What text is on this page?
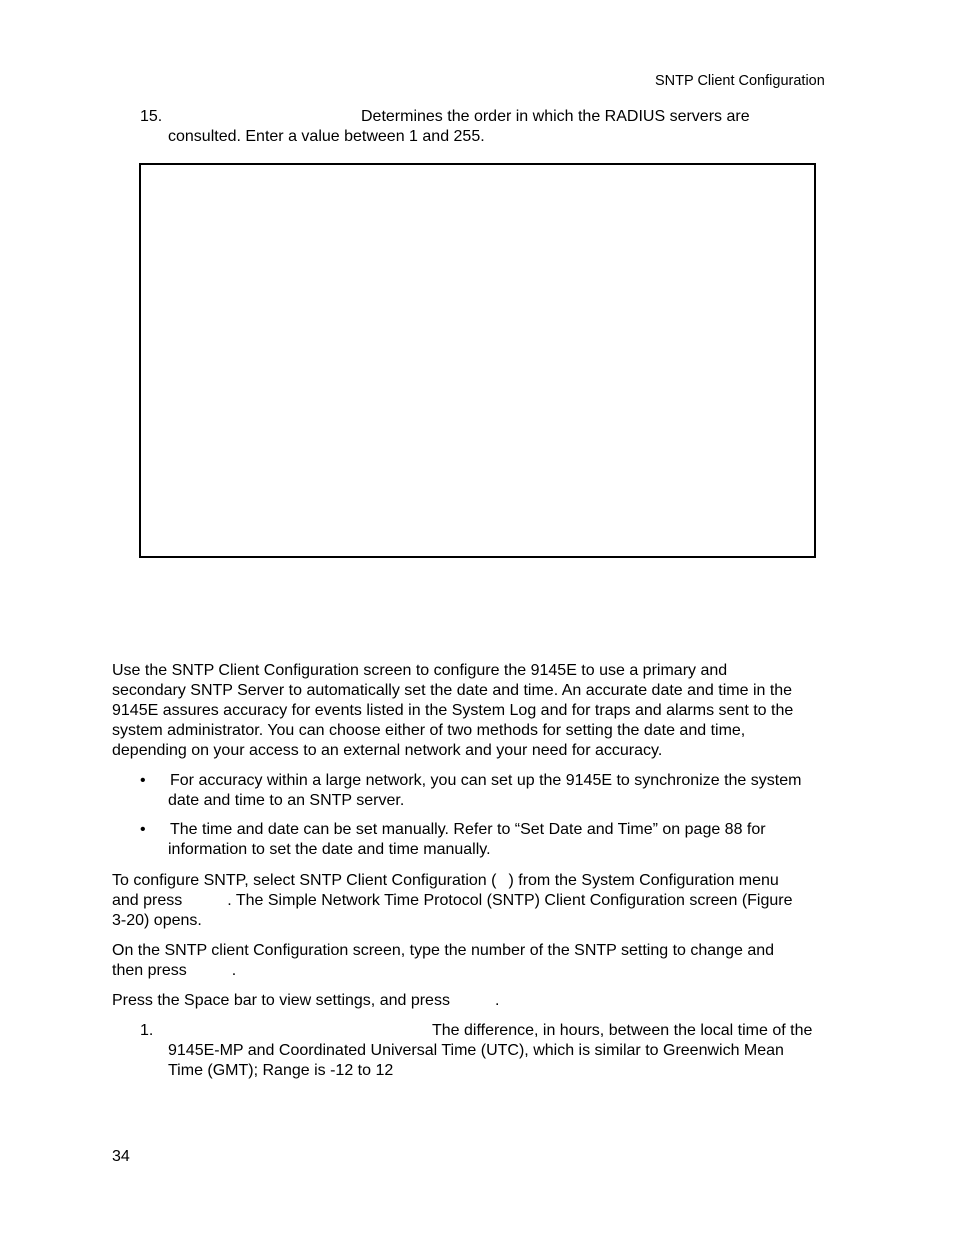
SNTP Client Configuration
15.	Determines the order in which the RADIUS servers are
consulted. Enter a value between 1 and 255.
Use the SNTP Client Configuration screen to configure the 9145E to use a primary and
secondary SNTP Server to automatically set the date and time. An accurate date and time in the
9145E assures accuracy for events listed in the System Log and for traps and alarms sent to the
system administrator. You can choose either of two methods for setting the date and time,
depending on your access to an external network and your need for accuracy.
• For accuracy within a large network, you can set up the 9145E to synchronize the system
date and time to an SNTP server.
• The time and date can be set manually. Refer to “Set Date and Time” on page 88 for
information to set the date and time manually.
To configure SNTP, select SNTP Client Configuration ( ) from the System Configuration menu
and press	. The Simple Network Time Protocol (SNTP) Client Configuration screen (Figure
3-20) opens.
On the SNTP client Configuration screen, type the number of the SNTP setting to change and
then press	.
Press the Space bar to view settings, and press	.
1.	The difference, in hours, between the local time of the
9145E-MP and Coordinated Universal Time (UTC), which is similar to Greenwich Mean
Time (GMT); Range is -12 to 12
34
